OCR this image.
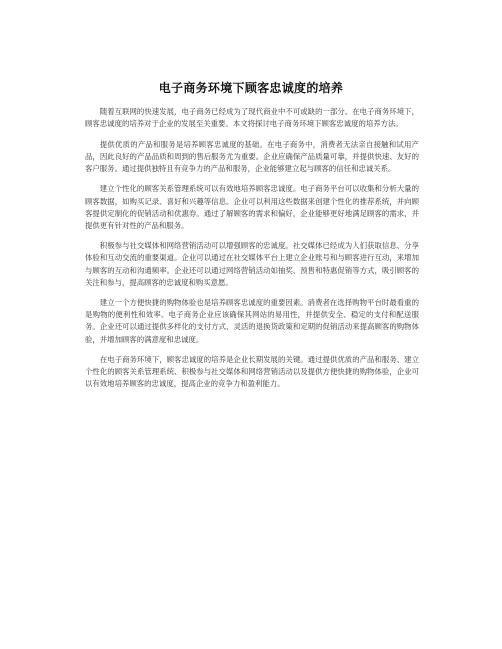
电子商务环境下顾客忠诚度的培养

随着互联网的快速发展，电子商务已经成为了现代商业中不可或缺的一部分。在电子商务环境下，顾客忠诚度的培养对于企业的发展至关重要。本文将探讨电子商务环境下顾客忠诚度的培养方法。

提供优质的产品和服务是培养顾客忠诚度的基础。在电子商务中，消费者无法亲自接触和试用产品，因此良好的产品品质和周到的售后服务尤为重要。企业应确保产品质量可靠，并提供快速、友好的客户服务。通过提供独特且有竞争力的产品和服务，企业能够建立起与顾客的信任和忠诚关系。

建立个性化的顾客关系管理系统可以有效地培养顾客忠诚度。电子商务平台可以收集和分析大量的顾客数据，如购买记录、喜好和兴趣等信息。企业可以利用这些数据来创建个性化的推荐系统，并向顾客提供定制化的促销活动和优惠券。通过了解顾客的需求和偏好，企业能够更好地满足顾客的需求，并提供更有针对性的产品和服务。

积极参与社交媒体和网络营销活动可以增强顾客的忠诚度。社交媒体已经成为人们获取信息、分享体验和互动交流的重要渠道。企业可以通过在社交媒体平台上建立企业账号和与顾客进行互动，来增加与顾客的互动和沟通频率。企业还可以通过网络营销活动如抽奖、预售和特惠促销等方式，吸引顾客的关注和参与，提高顾客的忠诚度和购买意愿。

建立一个方便快捷的购物体验也是培养顾客忠诚度的重要因素。消费者在选择购物平台时最看重的是购物的便利性和效率。电子商务企业应该确保其网站的易用性，并提供安全、稳定的支付和配送服务。企业还可以通过提供多样化的支付方式、灵活的退换货政策和定期的促销活动来提高顾客的购物体验，并增加顾客的满意度和忠诚度。

在电子商务环境下，顾客忠诚度的培养是企业长期发展的关键。通过提供优质的产品和服务、建立个性化的顾客关系管理系统、积极参与社交媒体和网络营销活动以及提供方便快捷的购物体验，企业可以有效地培养顾客的忠诚度，提高企业的竞争力和盈利能力。
